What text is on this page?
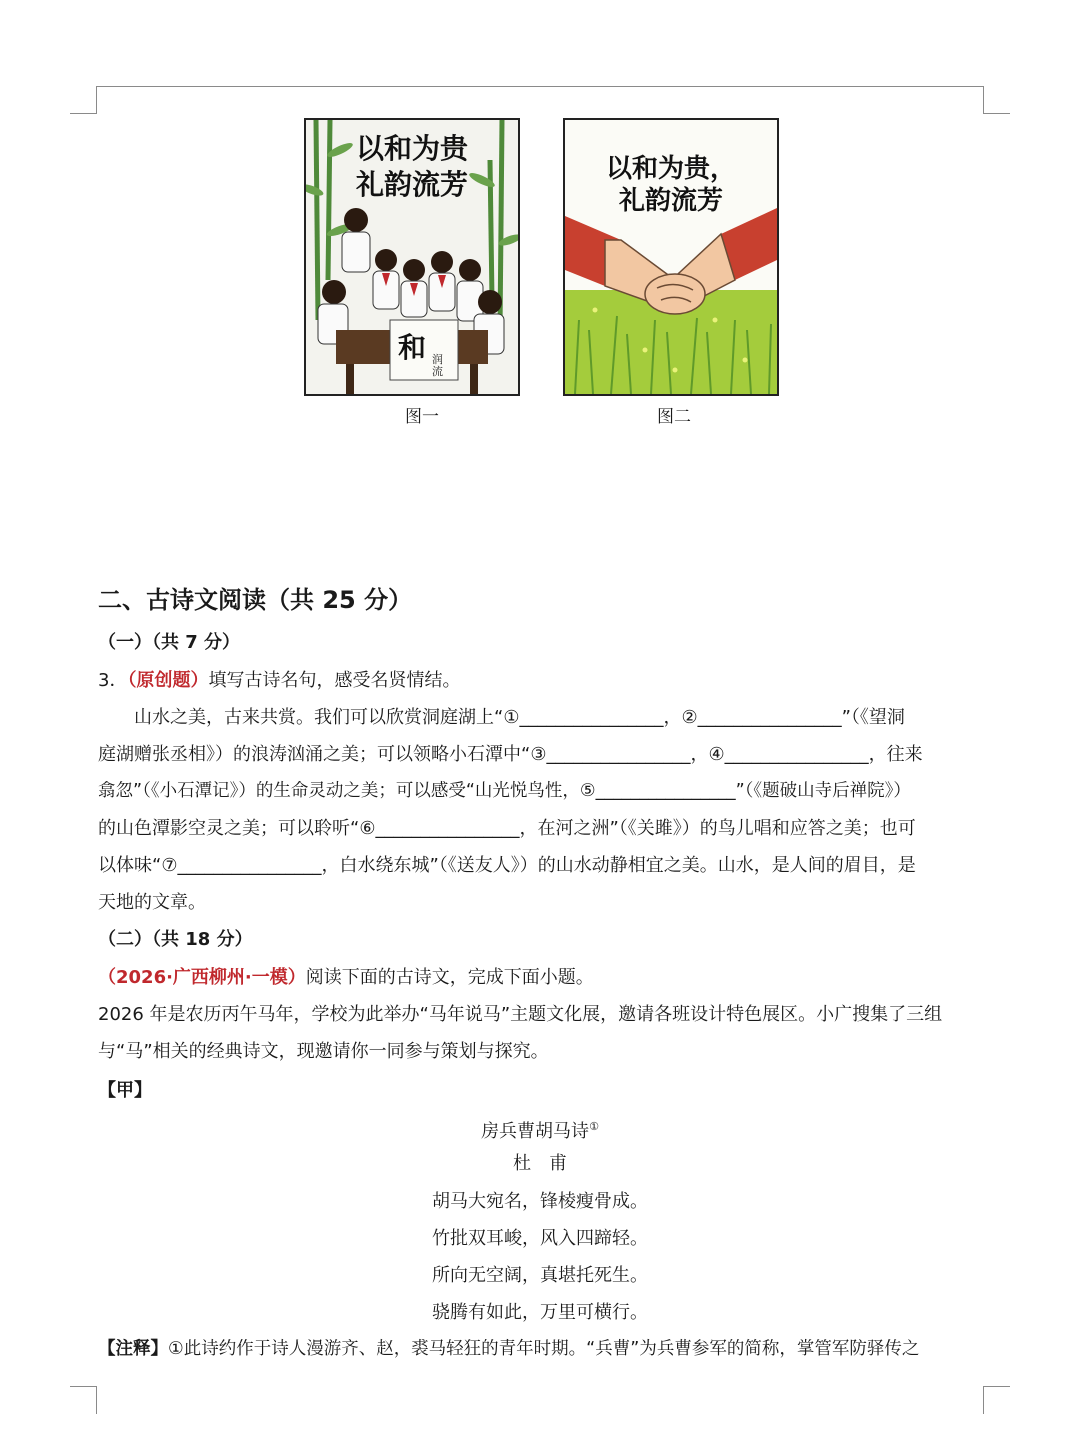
以和为贵
礼韵流芳
和 润流
图一
以和为贵，
礼韵流芳
图二
二、古诗文阅读（共 25 分）
（一）（共 7 分）
3．（原创题）填写古诗名句，感受名贤情结。
　　山水之美，古来共赏。我们可以欣赏洞庭湖上“①________________，②________________”（《望洞
庭湖赠张丞相》）的浪涛汹涌之美；可以领略小石潭中“③________________，④________________，往来
翕忽”（《小石潭记》）的生命灵动之美；可以感受“山光悦鸟性，⑤________________”（《题破山寺后禅院》）
的山色潭影空灵之美；可以聆听“⑥________________，在河之洲”（《关雎》）的鸟儿唱和应答之美；也可
以体味“⑦________________，白水绕东城”（《送友人》）的山水动静相宜之美。山水，是人间的眉目，是
天地的文章。
（二）（共 18 分）
（2026·广西柳州·一模）阅读下面的古诗文，完成下面小题。
2026 年是农历丙午马年，学校为此举办“马年说马”主题文化展，邀请各班设计特色展区。小广搜集了三组
与“马”相关的经典诗文，现邀请你一同参与策划与探究。
【甲】
房兵曹胡马诗①
杜　甫
胡马大宛名，锋棱瘦骨成。
竹批双耳峻，风入四蹄轻。
所向无空阔，真堪托死生。
骁腾有如此，万里可横行。
【注释】①此诗约作于诗人漫游齐、赵，裘马轻狂的青年时期。“兵曹”为兵曹参军的简称，掌管军防驿传之
